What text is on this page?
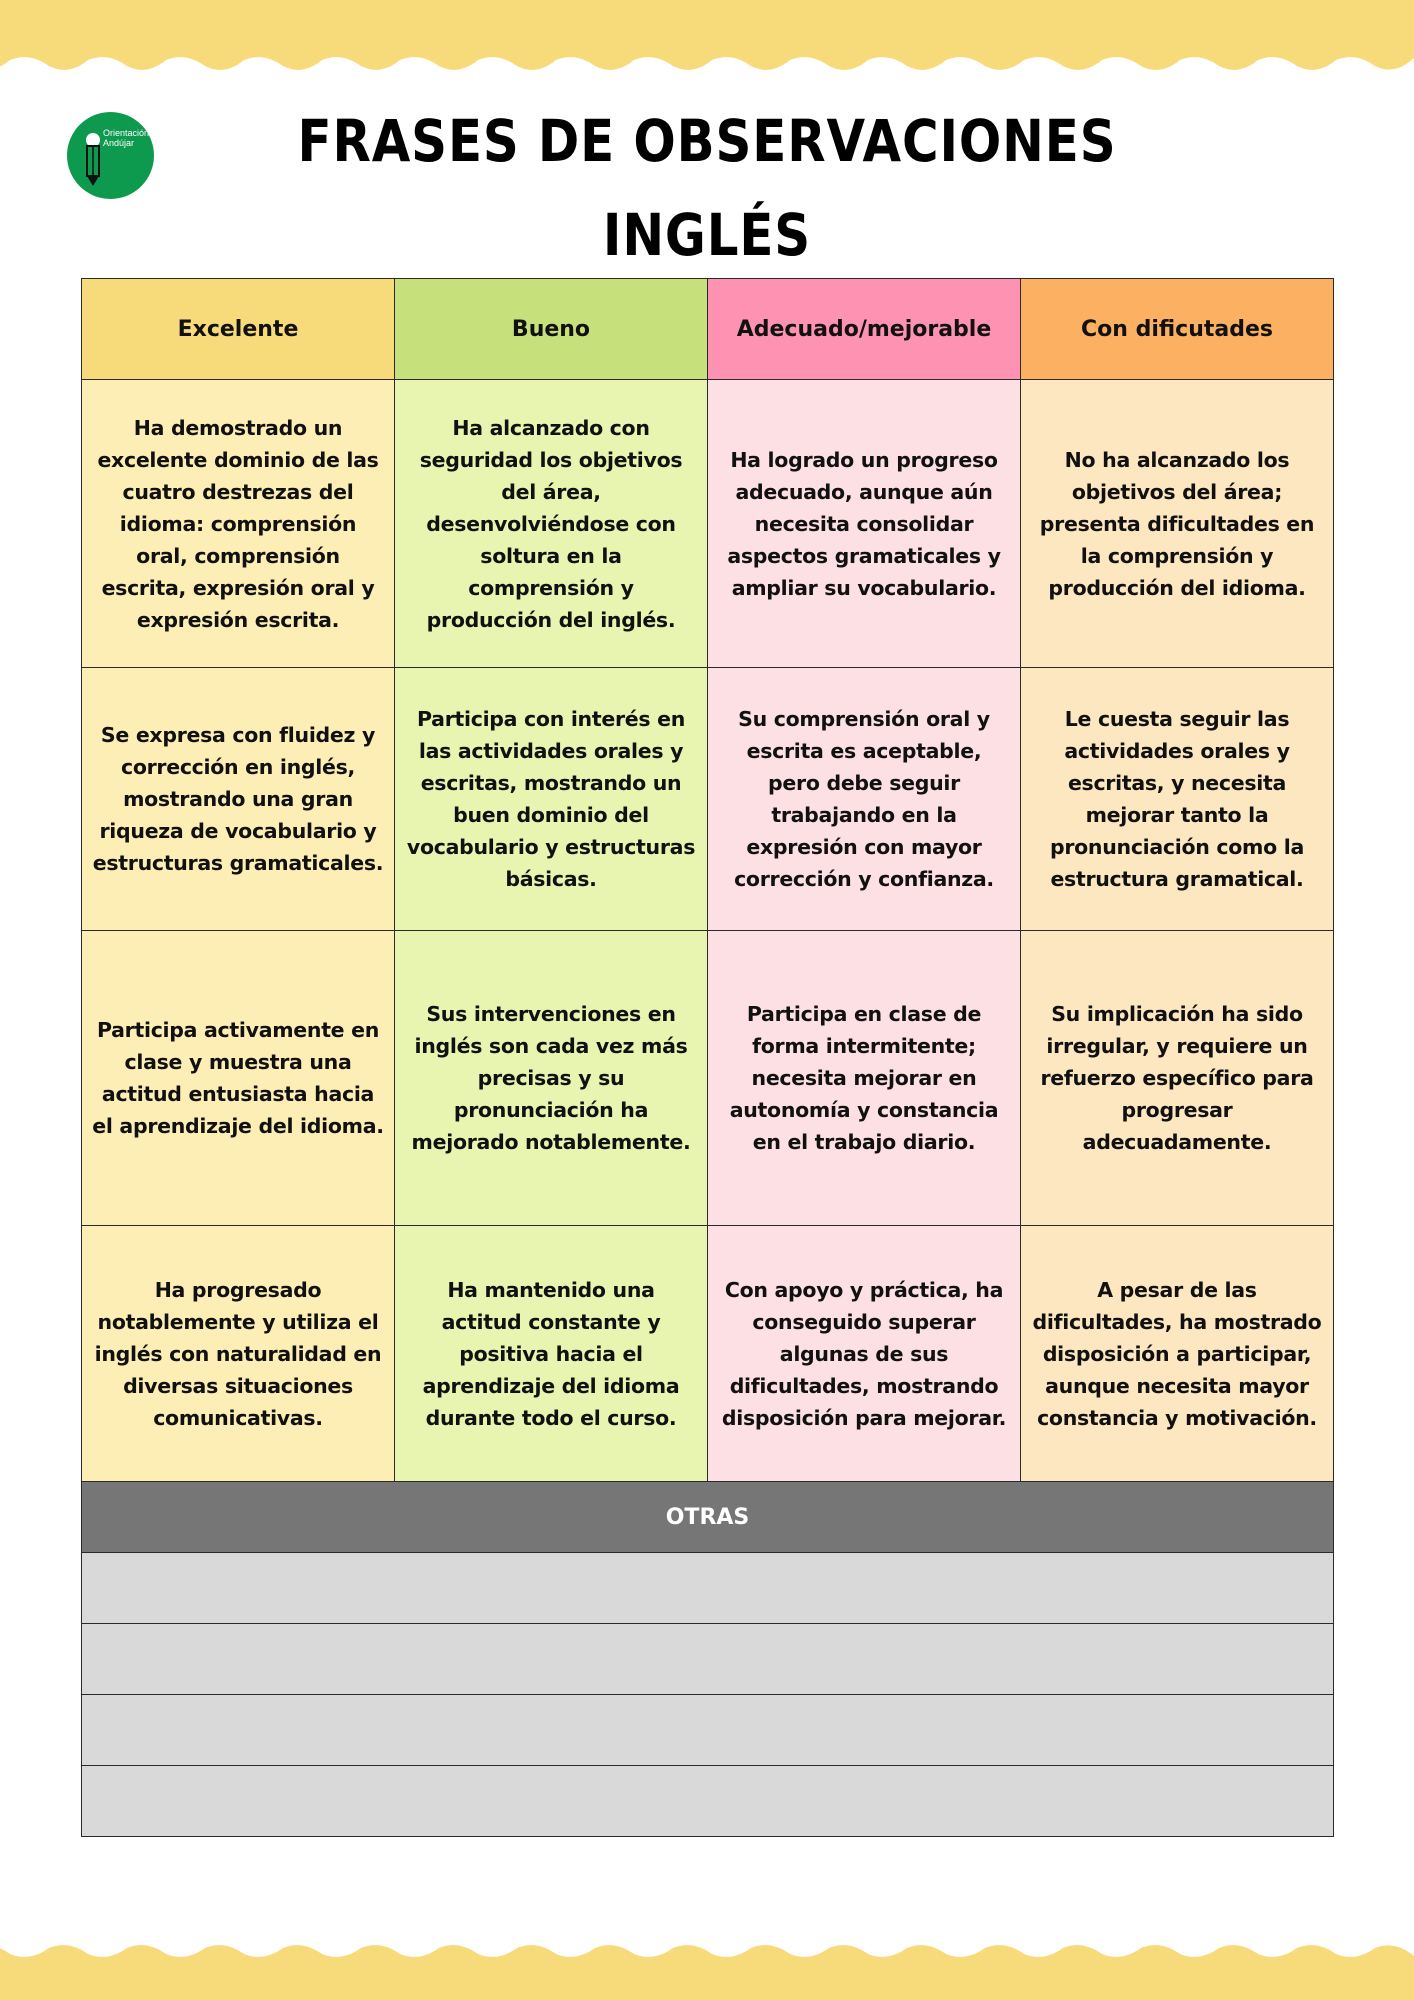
Orientación
Andújar	FRASES DE OBSERVACIONES
INGLÉS
Excelente	Bueno	Adecuado/mejorable	Con dificutades
Ha demostrado un excelente dominio de las cuatro destrezas del idioma: comprensión oral, comprensión escrita, expresión oral y expresión escrita.	Ha alcanzado con seguridad los objetivos del área, desenvolviéndose con soltura en la comprensión y producción del inglés.	Ha logrado un progreso adecuado, aunque aún necesita consolidar aspectos gramaticales y ampliar su vocabulario.	No ha alcanzado los objetivos del área; presenta dificultades en la comprensión y producción del idioma.
Se expresa con fluidez y corrección en inglés, mostrando una gran riqueza de vocabulario y estructuras gramaticales.	Participa con interés en las actividades orales y escritas, mostrando un buen dominio del vocabulario y estructuras básicas.	Su comprensión oral y escrita es aceptable, pero debe seguir trabajando en la expresión con mayor corrección y confianza.	Le cuesta seguir las actividades orales y escritas, y necesita mejorar tanto la pronunciación como la estructura gramatical.
Participa activamente en clase y muestra una actitud entusiasta hacia el aprendizaje del idioma.	Sus intervenciones en inglés son cada vez más precisas y su pronunciación ha mejorado notablemente.	Participa en clase de forma intermitente; necesita mejorar en autonomía y constancia en el trabajo diario.	Su implicación ha sido irregular, y requiere un refuerzo específico para progresar adecuadamente.
Ha progresado notablemente y utiliza el inglés con naturalidad en diversas situaciones comunicativas.	Ha mantenido una actitud constante y positiva hacia el aprendizaje del idioma durante todo el curso.	Con apoyo y práctica, ha conseguido superar algunas de sus dificultades, mostrando disposición para mejorar.	A pesar de las dificultades, ha mostrado disposición a participar, aunque necesita mayor constancia y motivación.
OTRAS			
